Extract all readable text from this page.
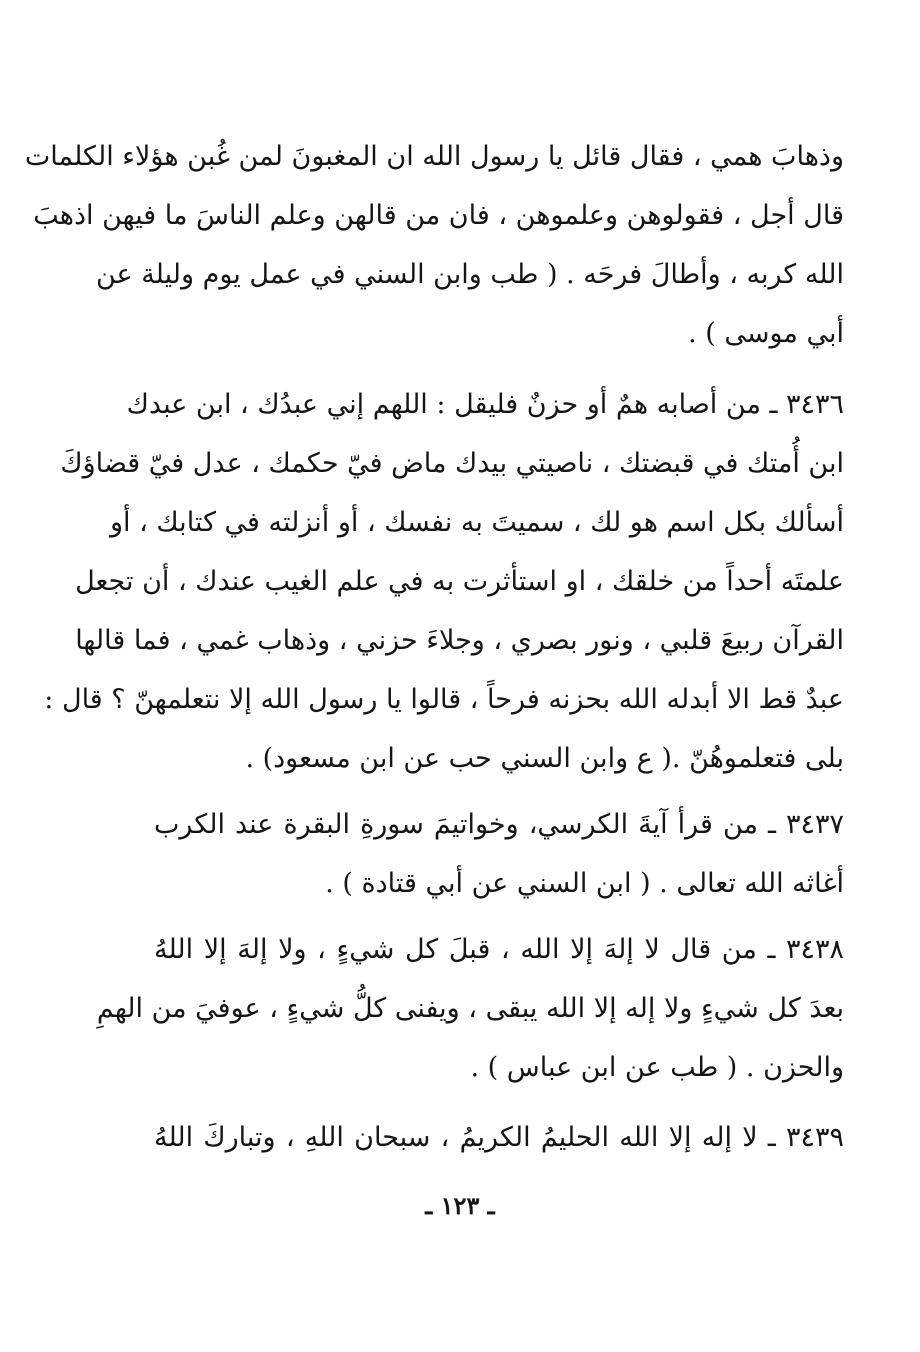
وذهابَ همي ، فقال قائل يا رسول الله ان المغبونَ لمن غُبن هؤلاء الكلمات
قال أجل ، فقولوهن وعلموهن ، فان من قالهن وعلم الناسَ ما فيهن اذهبَ
الله كربه ، وأطالَ فرحَه . ( طب وابن السني في عمل يوم وليلة عن
أبي موسى ) .
٣٤٣٦ ـ من أصابه همٌ أو حزنٌ فليقل : اللهم إني عبدُك ، ابن عبدك
ابن أُمتك في قبضتك ، ناصيتي بيدك ماض فيّ حكمك ، عدل فيّ قضاؤكَ
أسألك بكل اسم هو لك ، سميتَ به نفسك ، أو أنزلته في كتابك ، أو
علمتَه أحداً من خلقك ، او استأثرت به في علم الغيب عندك ، أن تجعل
القرآن ربيعَ قلبي ، ونور بصري ، وجلاءَ حزني ، وذهاب غمي ، فما قالها
عبدٌ قط الا أبدله الله بحزنه فرحاً ، قالوا يا رسول الله إلا نتعلمهنّ ؟ قال :
بلى فتعلموهُنّ .( ع وابن السني حب عن ابن مسعود) .
٣٤٣٧ ـ من قرأ آيةَ الكرسي، وخواتيمَ سورةِ البقرة عند الكرب
أغاثه الله تعالى . ( ابن السني عن أبي قتادة ) .
٣٤٣٨ ـ من قال لا إلهَ إلا الله ، قبلَ كل شيءٍ ، ولا إلهَ إلا اللهُ
بعدَ كل شيءٍ ولا إله إلا الله يبقى ، ويفنى كلُّ شيءٍ ، عوفيَ من الهمِ
والحزن . ( طب عن ابن عباس ) .
٣٤٣٩ ـ لا إله إلا الله الحليمُ الكريمُ ، سبحان اللهِ ، وتباركَ اللهُ
ـ ١٢٣ ـ
